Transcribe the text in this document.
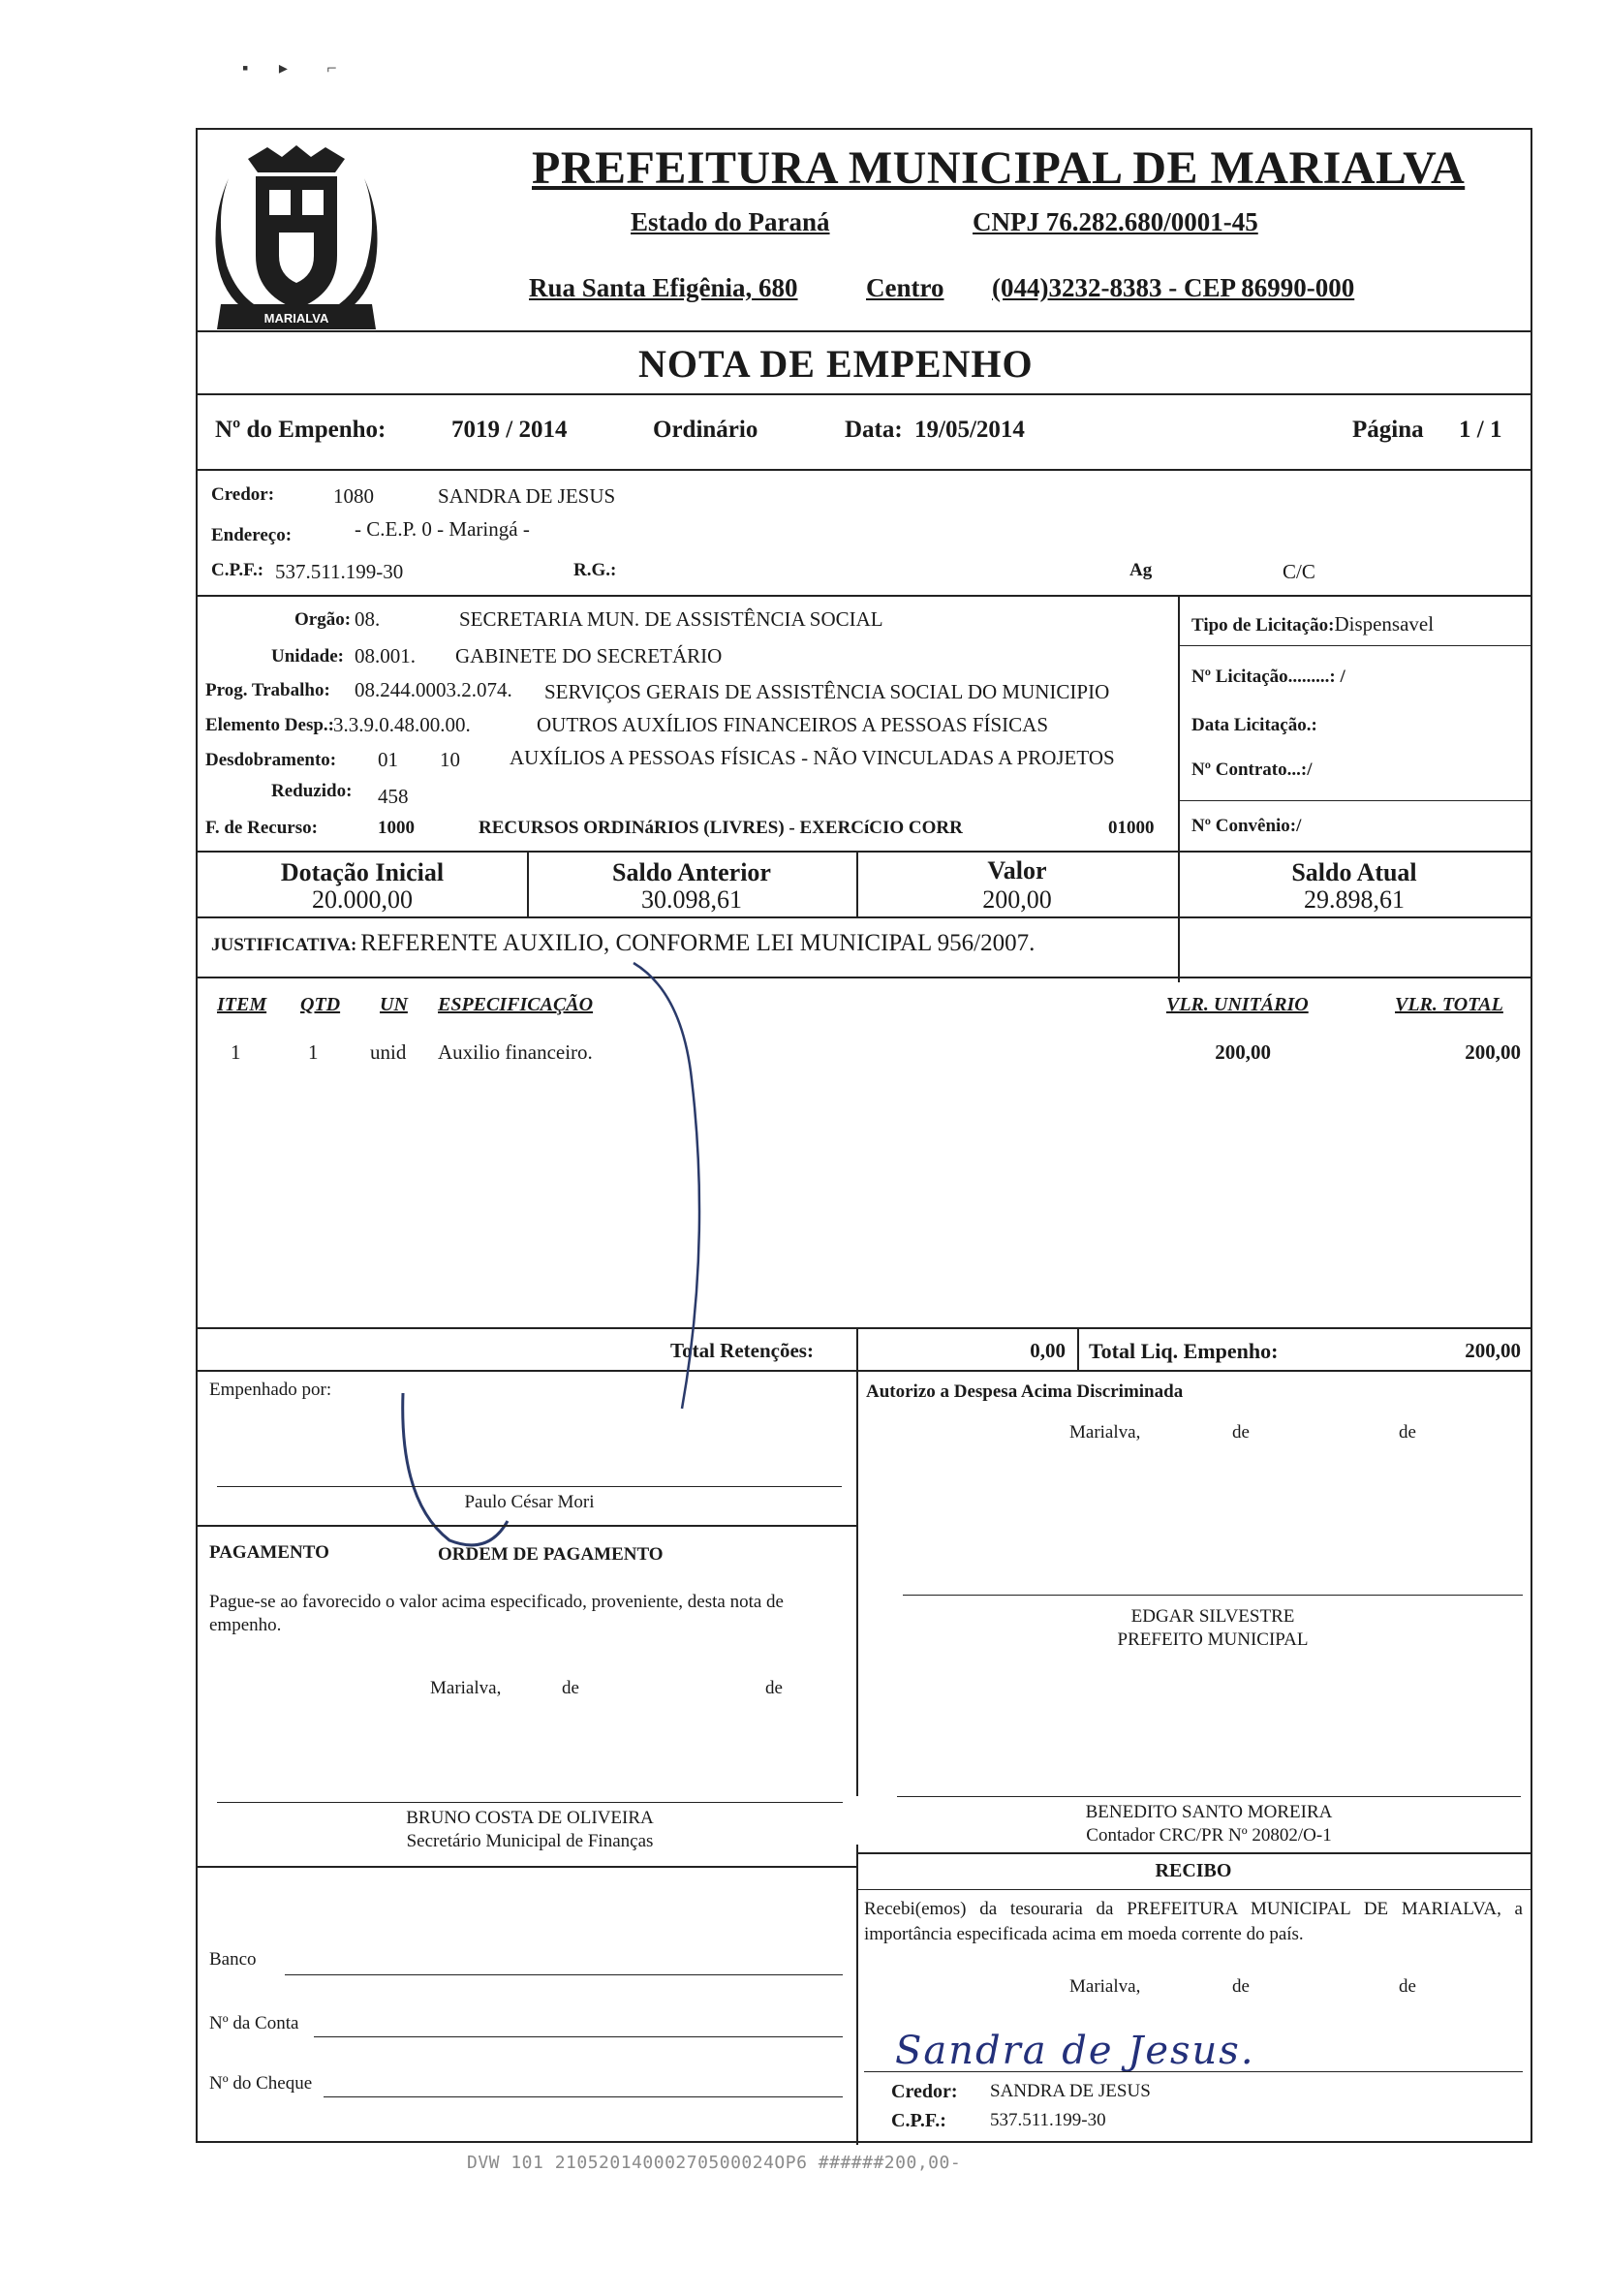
▪       ▸         ⌐
MARIALVA
PREFEITURA MUNICIPAL DE MARIALVA
Estado do Paraná	CNPJ 76.282.680/0001-45
Rua Santa Efigênia, 680	Centro (044)3232-8383 - CEP 86990-000
NOTA DE EMPENHO
Nº do Empenho:	7019 / 2014	Ordinário	Data: 19/05/2014	Página 1 / 1
Credor:	1080	SANDRA DE JESUS
Endereço:	- C.E.P. 0 - Maringá -
C.P.F.: 537.511.199-30	R.G.:	Ag	C/C
Orgão: 08.	SECRETARIA MUN. DE ASSISTÊNCIA SOCIAL
Unidade: 08.001. GABINETE DO SECRETÁRIO
Prog. Trabalho: 08.244.0003.2.074. SERVIÇOS GERAIS DE ASSISTÊNCIA SOCIAL DO MUNICIPIO
Elemento Desp.: 3.3.9.0.48.00.00.	OUTROS AUXÍLIOS FINANCEIROS A PESSOAS FÍSICAS
Desdobramento: 01 10 AUXÍLIOS A PESSOAS FÍSICAS - NÃO VINCULADAS A PROJETOS
Reduzido: 458
F. de Recurso:	1000	RECURSOS ORDINáRIOS (LIVRES) - EXERCíCIO CORR	01000
Tipo de Licitação:Dispensavel
Nº Licitação.........: /
Data Licitação.:
Nº Contrato...:/
Nº Convênio:/
Dotação Inicial
20.000,00
Saldo Anterior
30.098,61
Valor
200,00
Saldo Atual
29.898,61
JUSTIFICATIVA: REFERENTE AUXILIO, CONFORME LEI MUNICIPAL 956/2007.
ITEM QTD UN ESPECIFICAÇÃO	VLR. UNITÁRIO	VLR. TOTAL
1	1	unid Auxilio financeiro.	200,00	200,00
Total Retenções:	0,00 Total Liq. Empenho:	200,00
Empenhado por:
Paulo César Mori
Autorizo a Despesa Acima Discriminada
Marialva,	de	de
EDGAR SILVESTRE
PREFEITO MUNICIPAL
PAGAMENTO	ORDEM DE PAGAMENTO
Pague-se ao favorecido o valor acima especificado, proveniente, desta nota de empenho.
Marialva,	de	de
BRUNO COSTA DE OLIVEIRA
Secretário Municipal de Finanças
BENEDITO SANTO MOREIRA
Contador CRC/PR Nº 20802/O-1
Banco
Nº da Conta
Nº do Cheque
RECIBO
Recebi(emos) da tesouraria da PREFEITURA MUNICIPAL DE MARIALVA, a importância especificada acima em moeda corrente do país.
Marialva,	de	de
Sandra de Jesus.
Credor: SANDRA DE JESUS
C.P.F.: 537.511.199-30
DVW 101 21052014000270500024OP6 ######200,00-
